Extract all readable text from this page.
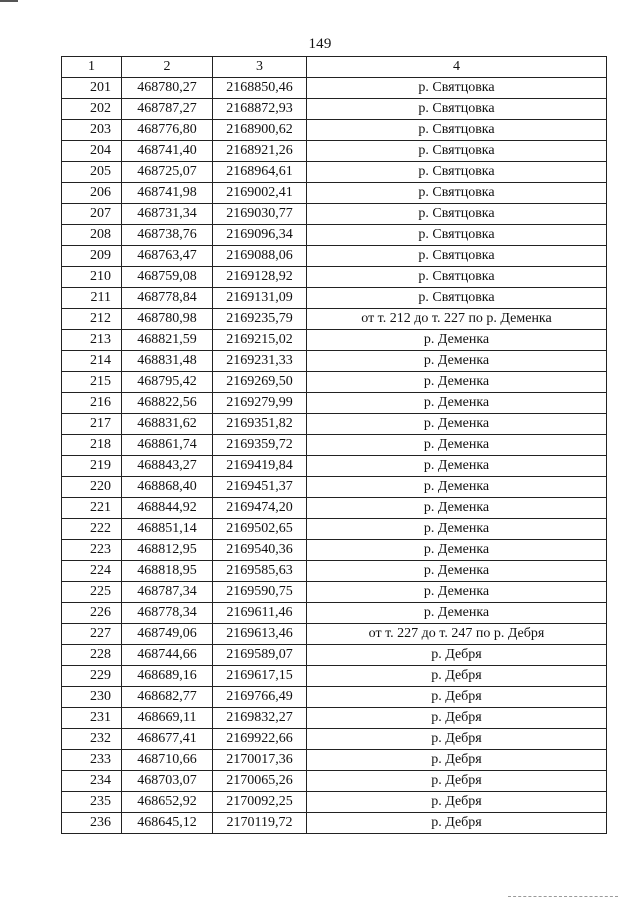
149
1	2	3	4
201	468780,27	2168850,46	р. Святцовка
202	468787,27	2168872,93	р. Святцовка
203	468776,80	2168900,62	р. Святцовка
204	468741,40	2168921,26	р. Святцовка
205	468725,07	2168964,61	р. Святцовка
206	468741,98	2169002,41	р. Святцовка
207	468731,34	2169030,77	р. Святцовка
208	468738,76	2169096,34	р. Святцовка
209	468763,47	2169088,06	р. Святцовка
210	468759,08	2169128,92	р. Святцовка
211	468778,84	2169131,09	р. Святцовка
212	468780,98	2169235,79	от т. 212 до т. 227 по р. Деменка
213	468821,59	2169215,02	р. Деменка
214	468831,48	2169231,33	р. Деменка
215	468795,42	2169269,50	р. Деменка
216	468822,56	2169279,99	р. Деменка
217	468831,62	2169351,82	р. Деменка
218	468861,74	2169359,72	р. Деменка
219	468843,27	2169419,84	р. Деменка
220	468868,40	2169451,37	р. Деменка
221	468844,92	2169474,20	р. Деменка
222	468851,14	2169502,65	р. Деменка
223	468812,95	2169540,36	р. Деменка
224	468818,95	2169585,63	р. Деменка
225	468787,34	2169590,75	р. Деменка
226	468778,34	2169611,46	р. Деменка
227	468749,06	2169613,46	от т. 227 до т. 247 по р. Дебря
228	468744,66	2169589,07	р. Дебря
229	468689,16	2169617,15	р. Дебря
230	468682,77	2169766,49	р. Дебря
231	468669,11	2169832,27	р. Дебря
232	468677,41	2169922,66	р. Дебря
233	468710,66	2170017,36	р. Дебря
234	468703,07	2170065,26	р. Дебря
235	468652,92	2170092,25	р. Дебря
236	468645,12	2170119,72	р. Дебря
